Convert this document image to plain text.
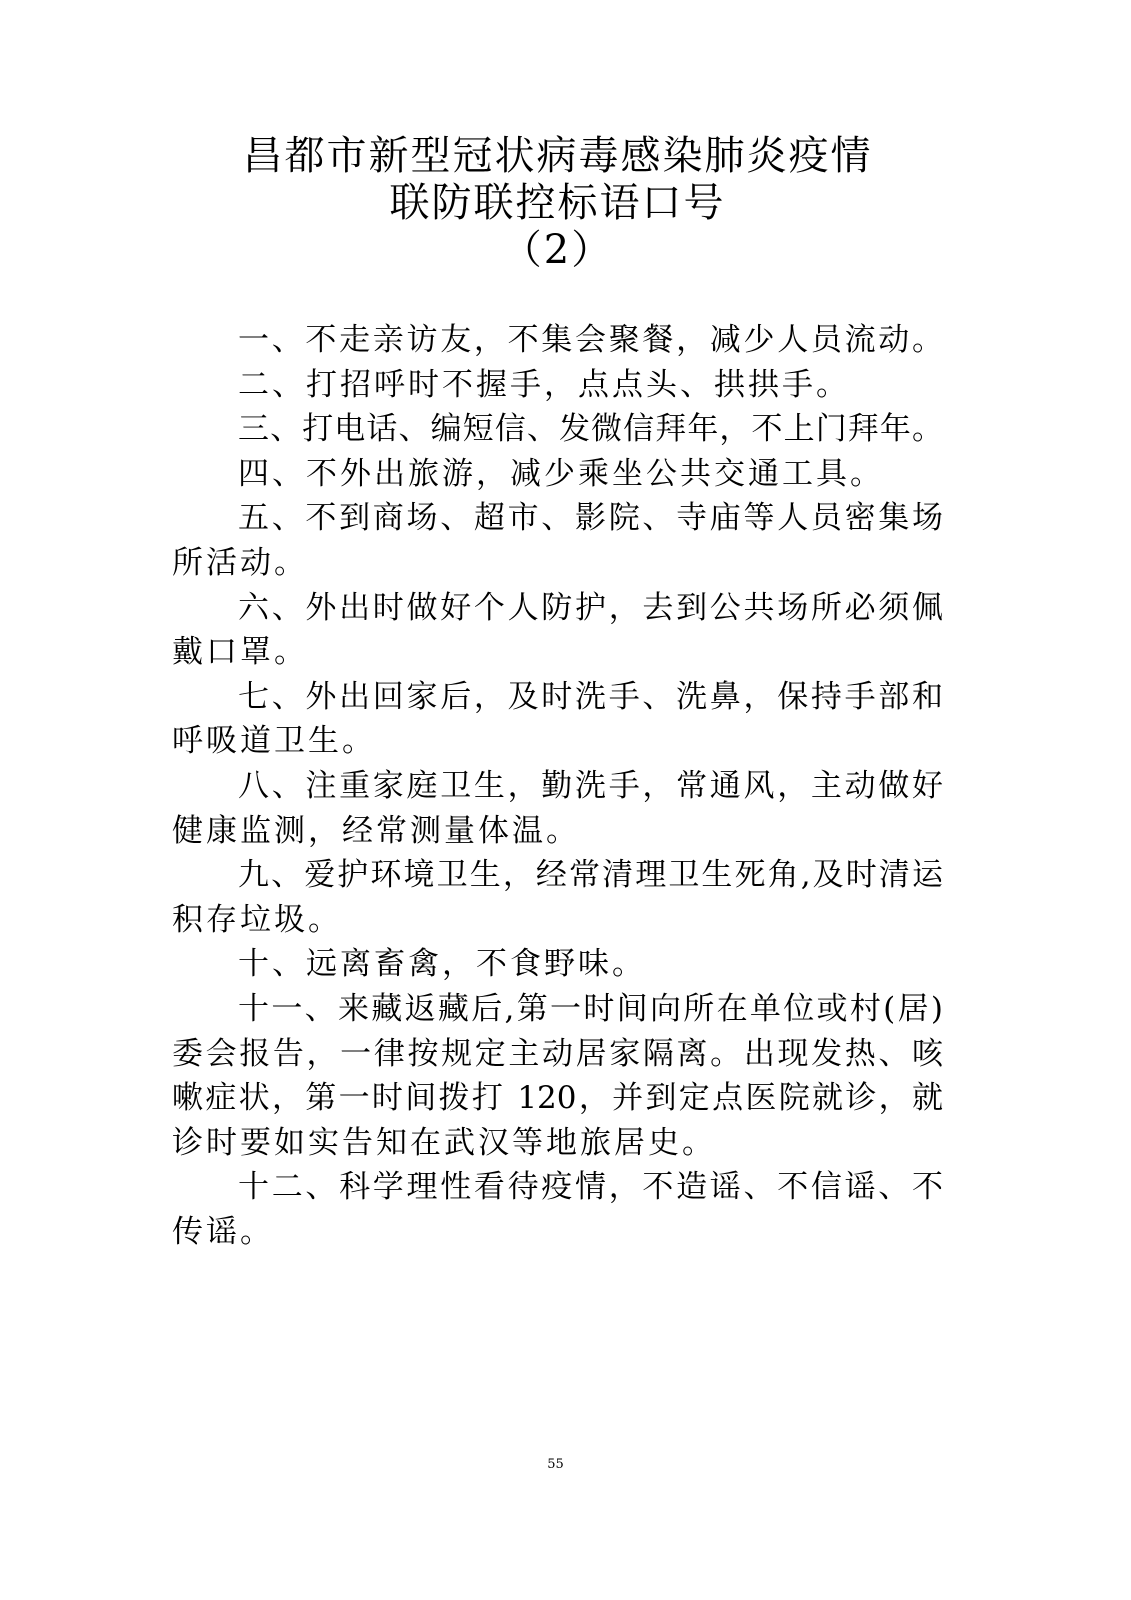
昌都市新型冠状病毒感染肺炎疫情
联防联控标语口号
（2）
一、不走亲访友，不集会聚餐，减少人员流动。
二、打招呼时不握手，点点头、拱拱手。
三、打电话、编短信、发微信拜年，不上门拜年。
四、不外出旅游，减少乘坐公共交通工具。
五、不到商场、超市、影院、寺庙等人员密集场
所活动。
六、外出时做好个人防护，去到公共场所必须佩
戴口罩。
七、外出回家后，及时洗手、洗鼻，保持手部和
呼吸道卫生。
八、注重家庭卫生，勤洗手，常通风，主动做好
健康监测，经常测量体温。
九、爱护环境卫生，经常清理卫生死角,及时清运
积存垃圾。
十、远离畜禽，不食野味。
十一、来藏返藏后,第一时间向所在单位或村(居)
委会报告，一律按规定主动居家隔离。出现发热、咳
嗽症状，第一时间拨打 120，并到定点医院就诊，就
诊时要如实告知在武汉等地旅居史。
十二、科学理性看待疫情，不造谣、不信谣、不
传谣。
55
